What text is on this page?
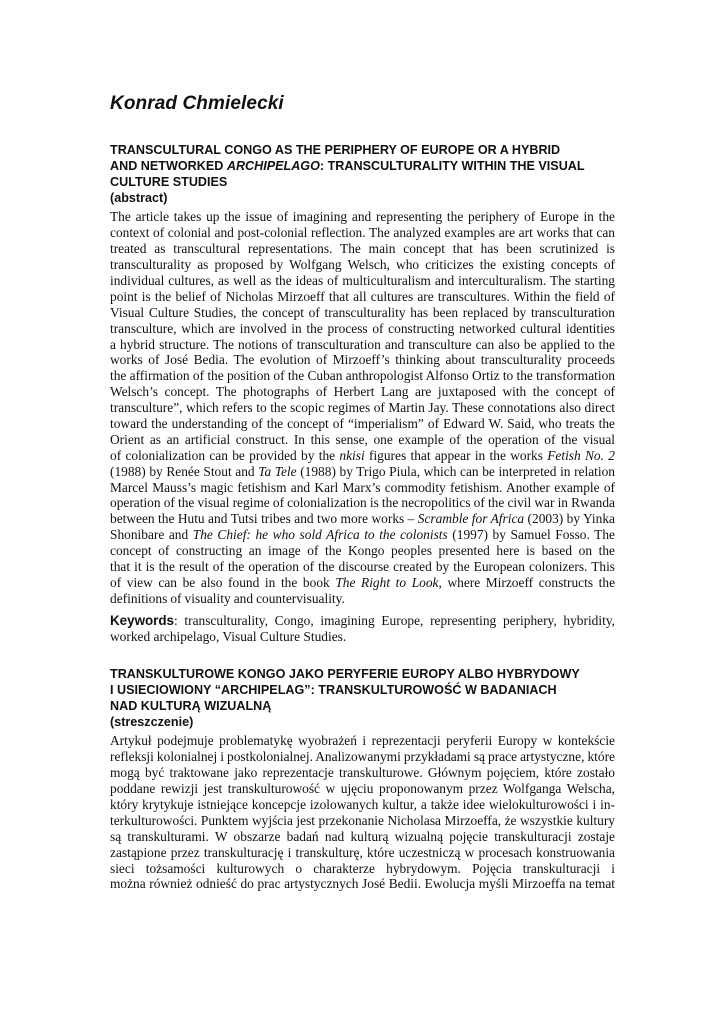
Konrad Chmielecki
TRANSCULTURAL CONGO AS THE PERIPHERY OF EUROPE OR A HYBRID
AND NETWORKED ARCHIPELAGO: TRANSCULTURALITY WITHIN THE VISUAL
CULTURE STUDIES
(abstract)
The article takes up the issue of imagining and representing the periphery of Europe in the
context of colonial and post-colonial reflection. The analyzed examples are art works that can
treated as transcultural representations. The main concept that has been scrutinized is
transculturality as proposed by Wolfgang Welsch, who criticizes the existing concepts of
individual cultures, as well as the ideas of multiculturalism and interculturalism. The starting
point is the belief of Nicholas Mirzoeff that all cultures are transcultures. Within the field of
Visual Culture Studies, the concept of transculturality has been replaced by transculturation
transculture, which are involved in the process of constructing networked cultural identities
a hybrid structure. The notions of transculturation and transculture can also be applied to the
works of José Bedia. The evolution of Mirzoeff’s thinking about transculturality proceeds
the affirmation of the position of the Cuban anthropologist Alfonso Ortiz to the transformation
Welsch’s concept. The photographs of Herbert Lang are juxtaposed with the concept of
transculture”, which refers to the scopic regimes of Martin Jay. These connotations also direct
toward the understanding of the concept of “imperialism” of Edward W. Said, who treats the
Orient as an artificial construct. In this sense, one example of the operation of the visual
of colonialization can be provided by the nkisi figures that appear in the works Fetish No. 2
(1988) by Renée Stout and Ta Tele (1988) by Trigo Piula, which can be interpreted in relation
Marcel Mauss’s magic fetishism and Karl Marx’s commodity fetishism. Another example of
operation of the visual regime of colonialization is the necropolitics of the civil war in Rwanda
between the Hutu and Tutsi tribes and two more works – Scramble for Africa (2003) by Yinka
Shonibare and The Chief: he who sold Africa to the colonists (1997) by Samuel Fosso. The
concept of constructing an image of the Kongo peoples presented here is based on the
that it is the result of the operation of the discourse created by the European colonizers. This
of view can be also found in the book The Right to Look, where Mirzoeff constructs the
definitions of visuality and countervisuality.
Keywords: transculturality, Congo, imagining Europe, representing periphery, hybridity,
worked archipelago, Visual Culture Studies.
TRANSKULTUROWE KONGO JAKO PERYFERIE EUROPY ALBO HYBRYDOWY
I USIECIOWIONY “ARCHIPELAG”: TRANSKULTUROWOŚĆ W BADANIACH
NAD KULTURĄ WIZUALNĄ
(streszczenie)
Artykuł podejmuje problematykę wyobrażeń i reprezentacji peryferii Europy w kontekście
refleksji kolonialnej i postkolonialnej. Analizowanymi przykładami są prace artystyczne, które
mogą być traktowane jako reprezentacje transkulturowe. Głównym pojęciem, które zostało
poddane rewizji jest transkulturowość w ujęciu proponowanym przez Wolfganga Welscha,
który krytykuje istniejące koncepcje izolowanych kultur, a także idee wielokulturowości i in-
terkulturowości. Punktem wyjścia jest przekonanie Nicholasa Mirzoeffa, że wszystkie kultury
są transkulturami. W obszarze badań nad kulturą wizualną pojęcie transkulturacji zostaje
zastąpione przez transkulturację i transkulturę, które uczestniczą w procesach konstruowania
sieci tożsamości kulturowych o charakterze hybrydowym. Pojęcia transkulturacji i
można również odnieść do prac artystycznych José Bedii. Ewolucja myśli Mirzoeffa na temat
